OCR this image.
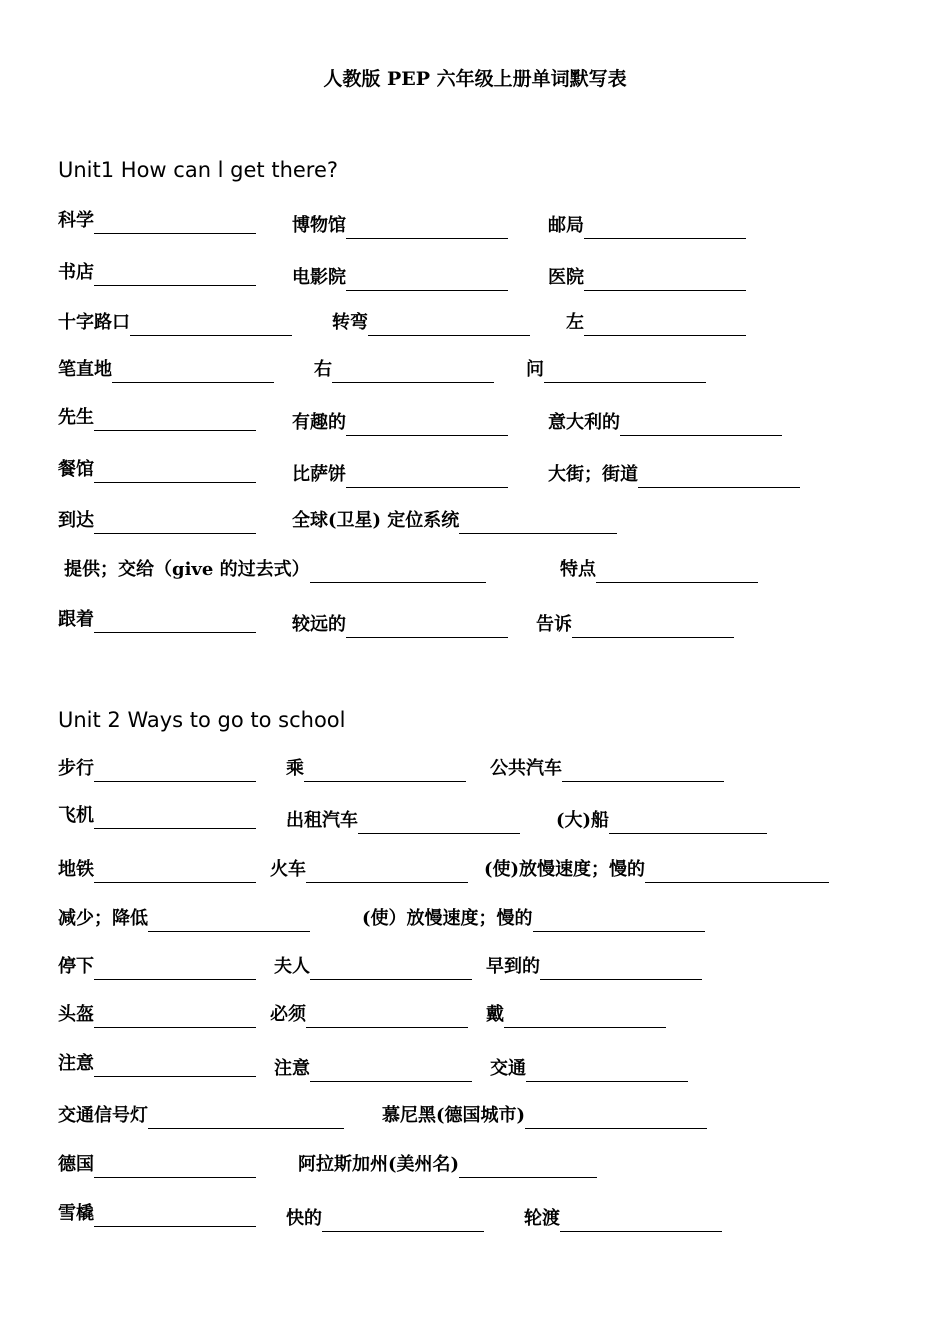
人教版 PEP 六年级上册单词默写表
Unit1 How can l get there?
科学	博物馆	邮局
书店	电影院	医院
十字路口	转弯	左
笔直地	右	问
先生	有趣的	意大利的
餐馆	比萨饼	大街；街道
到达	全球(卫星) 定位系统
提供；交给（give 的过去式）	特点
跟着	较远的	告诉
Unit 2 Ways to go to school
步行	乘	公共汽车
飞机	出租汽车	(大)船
地铁	火车	(使)放慢速度；慢的
减少；降低	(使）放慢速度；慢的
停下	夫人	早到的
头盔	必须	戴
注意	注意	交通
交通信号灯	慕尼黑(德国城市)
德国	阿拉斯加州(美州名)
雪橇	快的	轮渡
